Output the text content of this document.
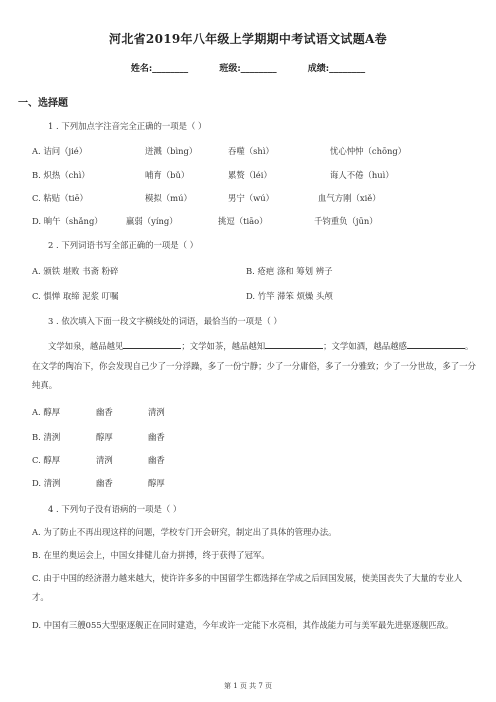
河北省2019年八年级上学期期中考试语文试题A卷
姓名:________	班级:________	成绩:________
一、选择题
1 . 下列加点字注音完全正确的一项是（ ）
A. 诘问（jié）	迸溅（bìng）	吞噬（shì）	忧心忡忡（chōng）
B. 炽热（chì）	哺育（bǔ）	累赘（léi）	诲人不倦（huì）
C. 粘贴（tiē）	模拟（mú）	男宁（wú）	血气方刚（xiě）
D. 晌午（shǎng）	羸弱（yíng）	挑逗（tiāo）	千钧重负（jūn）
2 . 下列词语书写全部正确的一项是（ ）
A. 颁铁 堪败 书斋 粉碎	B. 疮疤 涤和 筹划 辨子
C. 惧惮 取缔 泥浆 叮嘱	D. 竹竿 滞笨 烦燥 头颅
3 . 依次填入下面一段文字横线处的词语，最恰当的一项是（ ）
文学如泉，越品越见	；文学如茶，越品越知	；文学如酒，越品越感	。在文学的陶冶下，你会发现自己少了一分浮躁，多了一份宁静；少了一分庸俗，多了一分雅致；少了一分世故，多了一分纯真。
A. 醇厚	幽香	清洌
B. 清洌	醇厚	幽香
C. 醇厚	清洌	幽香
D. 清洌	幽香	醇厚
4 . 下列句子没有语病的一项是（ ）
A. 为了防止不再出现这样的问题，学校专门开会研究，制定出了具体的管理办法。
B. 在里约奥运会上，中国女排健儿奋力拼搏，终于获得了冠军。
C. 由于中国的经济潜力越来越大，使许许多多的中国留学生都选择在学成之后回国发展，使美国丧失了大量的专业人才。
D. 中国有三艘055大型驱逐舰正在同时建造，今年或许一定能下水亮相，其作战能力可与美军最先进驱逐舰匹敌。
第 1 页 共 7 页
